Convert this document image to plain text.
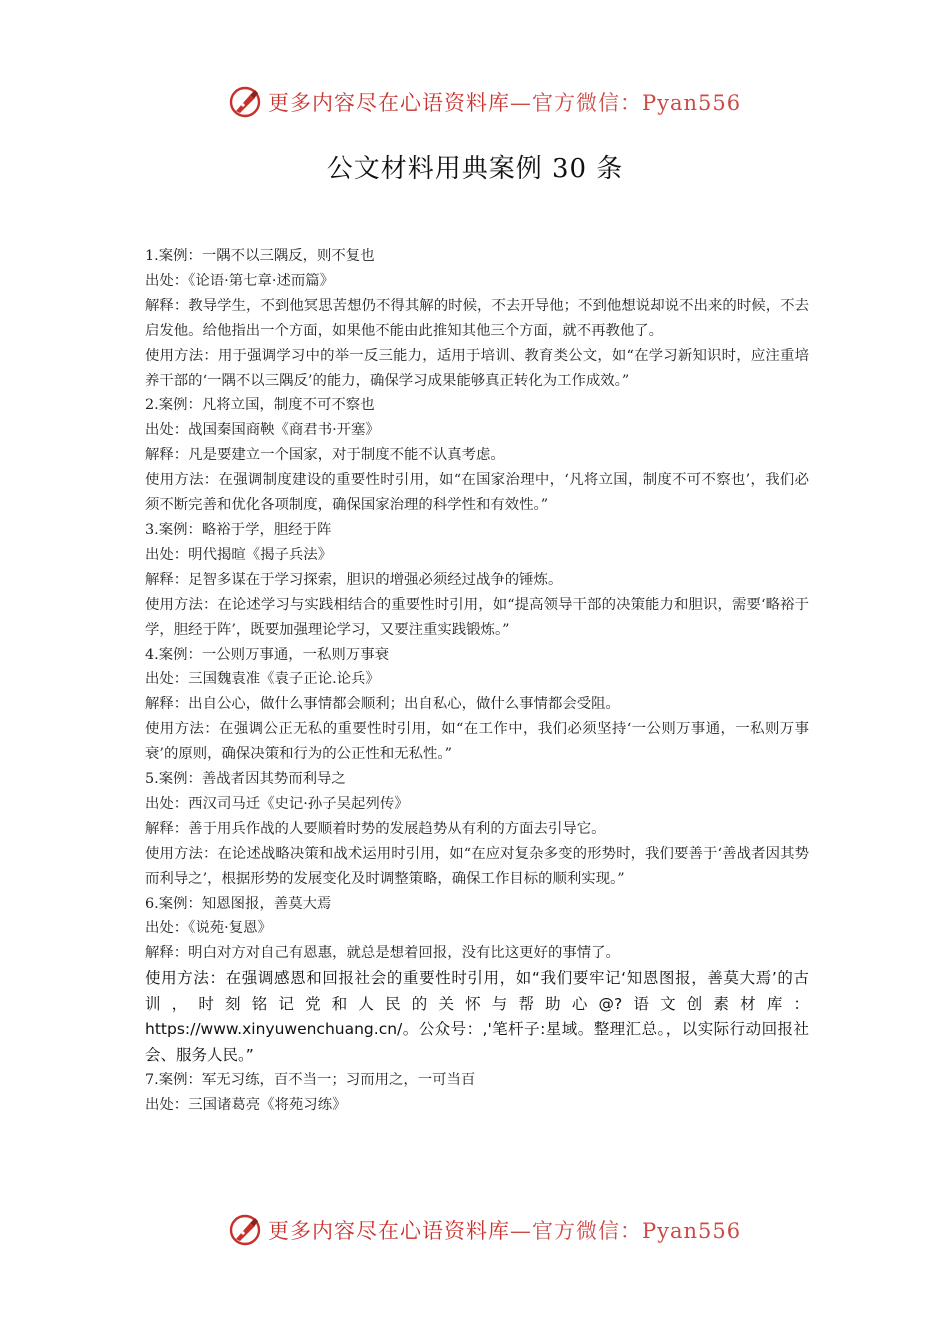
更多内容尽在心语资料库—官方微信：Pyan556
公文材料用典案例 30 条

1.案例：一隅不以三隅反，则不复也

出处：《论语·第七章·述而篇》

解释：教导学生，不到他冥思苦想仍不得其解的时候，不去开导他；不到他想说却说不出来的时候，不去启发他。给他指出一个方面，如果他不能由此推知其他三个方面，就不再教他了。

使用方法：用于强调学习中的举一反三能力，适用于培训、教育类公文，如“在学习新知识时，应注重培养干部的‘一隅不以三隅反’的能力，确保学习成果能够真正转化为工作成效。”

2.案例：凡将立国，制度不可不察也

出处：战国秦国商鞅《商君书·开塞》

解释：凡是要建立一个国家，对于制度不能不认真考虑。

使用方法：在强调制度建设的重要性时引用，如“在国家治理中，‘凡将立国，制度不可不察也’，我们必须不断完善和优化各项制度，确保国家治理的科学性和有效性。”

3.案例：略裕于学，胆经于阵

出处：明代揭暄《揭子兵法》

解释：足智多谋在于学习探索，胆识的增强必须经过战争的锤炼。

使用方法：在论述学习与实践相结合的重要性时引用，如“提高领导干部的决策能力和胆识，需要‘略裕于学，胆经于阵’，既要加强理论学习，又要注重实践锻炼。”

4.案例：一公则万事通，一私则万事衰

出处：三国魏袁准《袁子正论.论兵》

解释：出自公心，做什么事情都会顺利；出自私心，做什么事情都会受阻。

使用方法：在强调公正无私的重要性时引用，如“在工作中，我们必须坚持‘一公则万事通，一私则万事衰’的原则，确保决策和行为的公正性和无私性。”

5.案例：善战者因其势而利导之

出处：西汉司马迁《史记·孙子吴起列传》

解释：善于用兵作战的人要顺着时势的发展趋势从有利的方面去引导它。

使用方法：在论述战略决策和战术运用时引用，如“在应对复杂多变的形势时，我们要善于‘善战者因其势而利导之’，根据形势的发展变化及时调整策略，确保工作目标的顺利实现。”

6.案例：知恩图报，善莫大焉

出处：《说苑·复恩》

解释：明白对方对自己有恩惠，就总是想着回报，没有比这更好的事情了。

使用方法：在强调感恩和回报社会的重要性时引用，如“我们要牢记‘知恩图报，善莫大焉’的古训，时刻铭记党和人民的关怀与帮助心@?语文创素材库：https://www.xinyuwenchuang.cn/。公众号：,'笔杆子:星域。整理汇总。，以实际行动回报社会、服务人民。”

7.案例：军无习练，百不当一；习而用之，一可当百

出处：三国诸葛亮《将苑习练》

更多内容尽在心语资料库—官方微信：Pyan556
